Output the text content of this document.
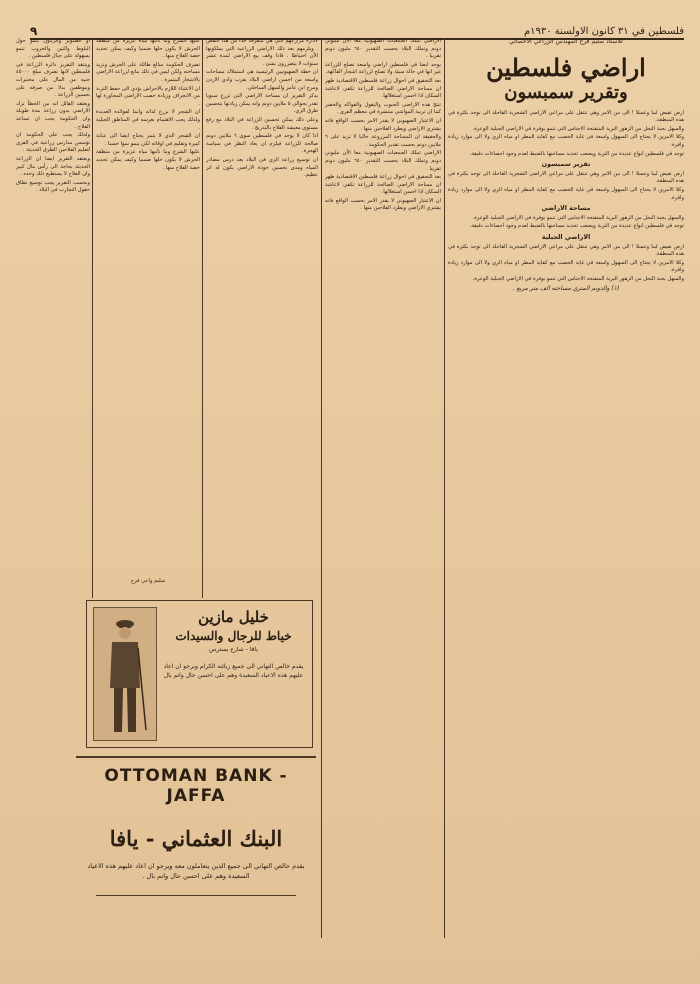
فلسطين في ٣١ كانون الاولسنة ١٩٣٠م
٩
للاستاذ سليم فرح المهندس الزراعي الاخصائي
اراضي فلسطين
وتقرير سمبسون

ارض تفيض لبنا وعسلا ! الى من الامر وهي تنتقل على مراعي الاراضي الشجرية القاحلة الى توجد بكثرة في هذه المنطقة.

والسهل بحبة النحل من الزهور البرية المتفتحة الاجناس التي تنمو بوفرة في الاراضي الجبلية الوعرة.

وكلا الامرين لا يحتاج الى السهول واسعة في غاية الخصب مع كفاية المطر او مياه الري ولا الى موارد زيادة وافرة.

توجد في فلسطين انواع عديدة من التربة ويصعب تحديد مساحتها بالضبط لعدم وجود احصاءات دقيقة.

تقرير سمبسون

ارض تفيض لبنا وعسلا ! الى من الامر وهي تنتقل على مراعي الاراضي الشجرية القاحلة الى توجد بكثرة في هذه المنطقة.

وكلا الامرين لا يحتاج الى السهول واسعة في غاية الخصب مع كفاية المطر او مياه الري ولا الى موارد زيادة وافرة.

مساحة الاراضي

والسهل بحبة النحل من الزهور البرية المتفتحة الاجناس التي تنمو بوفرة في الاراضي الجبلية الوعرة.

توجد في فلسطين انواع عديدة من التربة ويصعب تحديد مساحتها بالضبط لعدم وجود احصاءات دقيقة.

الاراضي الجبلية

ارض تفيض لبنا وعسلا ! الى من الامر وهي تنتقل على مراعي الاراضي الشجرية القاحلة الى توجد بكثرة في هذه المنطقة.

وكلا الامرين لا يحتاج الى السهول واسعة في غاية الخصب مع كفاية المطر او مياه الري ولا الى موارد زيادة وافرة.

والسهل بحبة النحل من الزهور البرية المتفتحة الاجناس التي تنمو بوفرة في الاراضي الجبلية الوعرة.

(١) والدونم المتري مساحته الف متر مربع .

الاراضي تملك الجمعيات الصهيونية معا الآن مليوني دونم وتملك البلاد بحسب التقدير ٦٤٠ مليون دونم تقريبا .

يوجد ايضا في فلسطين اراضي واسعة تصلح للزراعة غير انها في حالة سيئة ولا تصلح لزراعة اشجار الفاكهة.

بعد التحقيق في احوال زراعة فلسطين الاقتصادية ظهر ان مساحة الاراضي الصالحة للزراعة تكفي لاعاشة السكان اذا احسن استغلالها.

تنتج هذه الاراضي الحبوب والبقول والفواكه والخضر كما ان تربية المواشي منتشرة في معظم القرى .

ان الاعتبار الصهيوني لا يقدر الامر بحسب الواقع فانه يشتري الاراضي ويطرد الفلاحين منها .

والحقيقة ان المساحة المزروعة حاليا لا تزيد على ٦ ملايين دونم بحسب تقدير الحكومة .

الاراضي تملك الجمعيات الصهيونية معا الآن مليوني دونم وتملك البلاد بحسب التقدير ٦٤٠ مليون دونم تقريبا .

بعد التحقيق في احوال زراعة فلسطين الاقتصادية ظهر ان مساحة الاراضي الصالحة للزراعة تكفي لاعاشة السكان اذا احسن استغلالها.

ان الاعتبار الصهيوني لا يقدر الامر بحسب الواقع فانه يشتري الاراضي ويطرد الفلاحين منها .

لادارة مزارعهم التي هي متفرقة جدا من هذا النقص . ويلزمهم بعد ذلك الاراضي الزراعية التي يملكونها الآن احتياطا . فاذا وقف بيع الاراضي لمدة عشر سنوات لا يتضررون بشئ .

ان خطة الصهيونيين الرئيسية هي استملاك مساحات واسعة من احسن اراضي البلاد بقرب وادي الاردن ومرج ابن عامر والسهل الساحلي.

يذكر التقرير ان مساحة الاراضي التي تزرع سنويا تقدر بحوالي ٥ ملايين دونم وانه يمكن زيادتها بتحسين طرق الري.

وعلى ذلك يمكن تحسين الزراعة في البلاد مع رفع مستوى معيشة الفلاح بالتدريج .

اذا كان لا يوجد في فلسطين سوى ٦ ملايين دونم صالحة للزراعة فيلزم ان يعاد النظر في سياسة الهجرة.

ان توسيع زراعة الري في البلاد بعد درس مصادر المياه ومدى تحسين جودة الاراضي يكون له اثر عظيم.

عليها الشرع وما تأتيها مياه عزيزة من منطقة الحرش لا يكون حلها ضمنيا وكيف يمكن تحديد حصة الفلاح منها .

تصرف الحكومة مبالغ طائلة على الحرش وتزيد مساحته ولكن ليس في ذلك مانع لزراعة الاراضي بالاشجار المثمرة .

ان الاعتناء اللازم بالاحراش يؤدي الى حفظ التربة من الانجراف وزيادة خصب الاراضي المجاورة لها .

ان الشجر لا يزرع لذاته وانما لفوائده العديدة ولذلك يجب الاهتمام بغرسه في المناطق الجبلية .

ان الشجر الذي لا يثمر يحتاج ايضا الى عناية كبيرة وتقليم في اوقاته لكي ينمو نموا حسنا .

عليها الشرع وما تأتيها مياه عزيزة من منطقة الحرش لا يكون حلها ضمنيا وكيف يمكن تحديد حصة الفلاح منها .

او الصنوبر والزيتون ينمو حول البلوط والتين والخروب تنمو بسهولة على جبال فلسطين .

وينتقد التقرير دائرة الزراعة في فلسطين لانها تصرف مبلغ ٤٥٠٠٠ جنيه من المال على مختبرات وموظفين بدلا من صرفه على تحسين الزراعة .

ويعتقد القائل انه من الخطأ ترك الاراضي بدون زراعة مدة طويلة وان الحكومة يجب ان تساعد الفلاح .

ولذلك يجب على الحكومة ان تؤسس مدارس زراعية في القرى لتعليم الفلاحين الطرق الحديثة .

ويعتقد التقرير ايضا ان الزراعة الحديثة بحاجة الى رأس مال كبير وان الفلاح لا يستطيع ذلك وحده .

وبحسب التقرير يجب توسيع نطاق حقول التجارب في البلاد .

سليم واعي فرح
خليل مازين
خياط للرجال والسيدات
يافا - شارع بسترس
يقدم خالص التهاني الى جميع زبائنه الكرام ويرجو ان اعاد عليهم هذه الاعياد السعيدة وهم على احسن حال واتم بال
OTTOMAN BANK - JAFFA
البنك العثماني - يافا
يقدم خالص التهاني الى جميع الذين يتعاملون معه ويرجو ان اعاد عليهم هذه الاعياد السعيدة وهم على احسن حال واتم بال .
